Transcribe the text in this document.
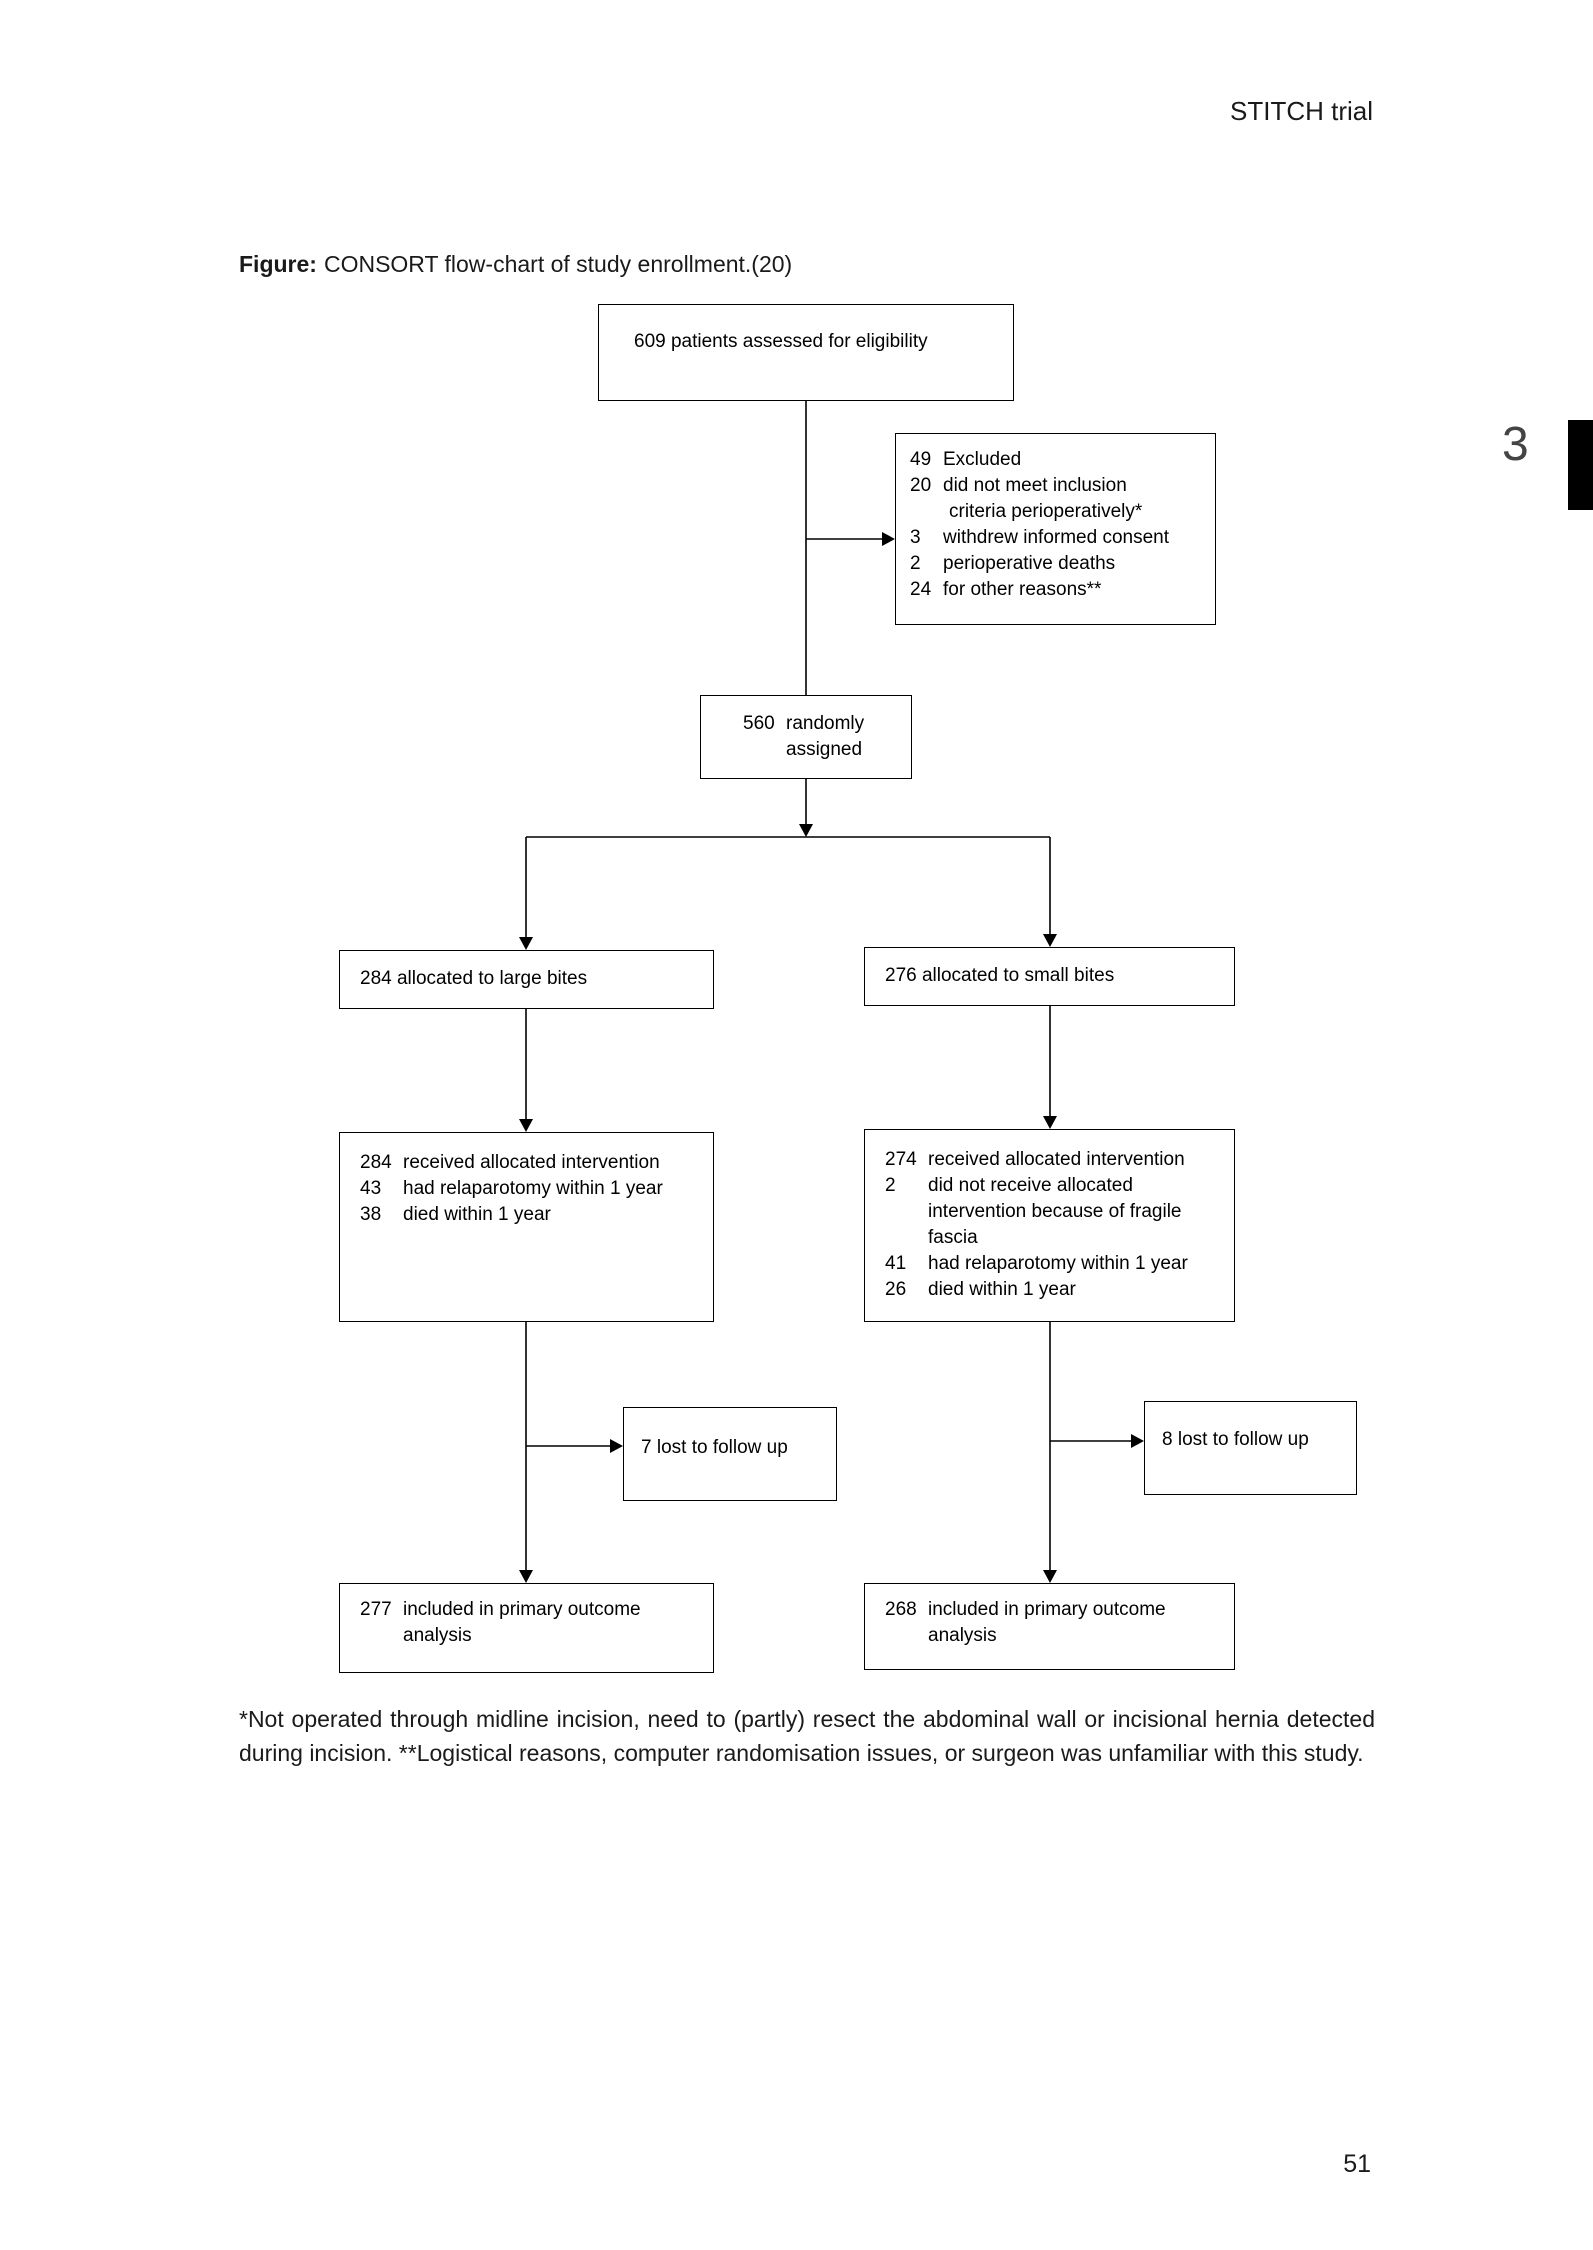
STITCH trial
3
Figure: CONSORT flow-chart of study enrollment.(20)
609 patients assessed for eligibility
49 Excluded
20 did not meet inclusion
criteria perioperatively*
3	withdrew informed consent
2	perioperative deaths
24 for other reasons**
560 randomly
assigned
284 allocated to large bites	276 allocated to small bites
284 received allocated intervention
43	had relaparotomy within 1 year
38	died within 1 year
274 received allocated intervention
2	did not receive allocated
intervention because of fragile
fascia
41	had relaparotomy within 1 year
26	died within 1 year
7 lost to follow up	8 lost to follow up
277 included in primary outcome
analysis
268 included in primary outcome
analysis
*Not operated through midline incision, need to (partly) resect the abdominal wall or incisional hernia detected during incision. **Logistical reasons, computer randomisation issues, or surgeon was unfamiliar with this study.
51
